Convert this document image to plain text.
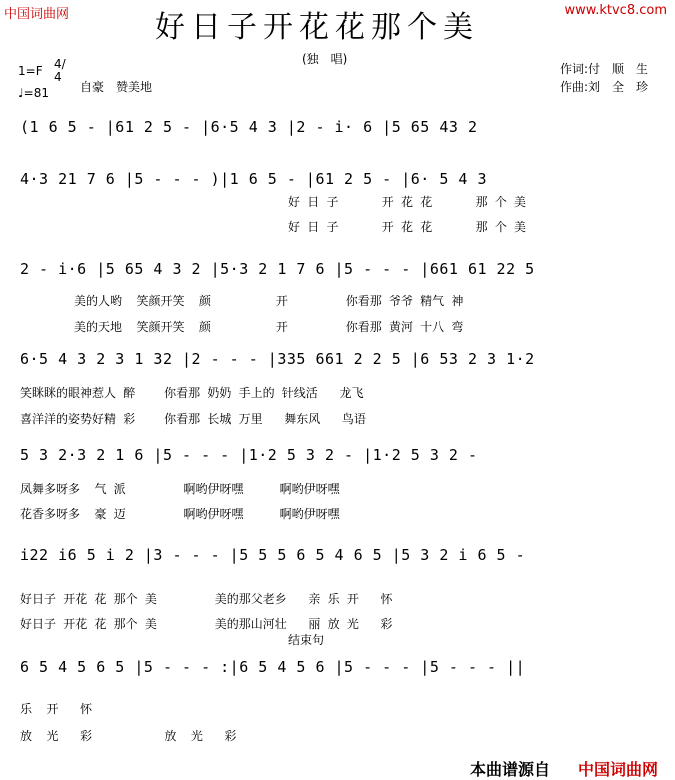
中国词曲网	www.ktvc8.com
好日子开花花那个美
(独　唱)
1=F 4/4
♩=81	自豪　赞美地
作词:付　顺　生
作曲:刘　全　珍
(1 6 5 - |61 2 5 - |6·5 4 3 |2 - i· 6 |5 65 43 2
4·3 21 7 6 |5 - - - )|1 6 5 - |61 2 5 - |6· 5 4 3

好 日 子      开 花 花      那 个 美

好 日 子      开 花 花      那 个 美

2 - i·6 |5 65 4 3 2 |5·3 2 1 7 6 |5 - - - |661 61 22 5

美的人哟  笑颜开笑  颜         开        你看那 爷爷 精气 神

美的天地  笑颜开笑  颜         开        你看那 黄河 十八 弯

6·5 4 3 2 3 1 32 |2 - - - |335 661 2 2 5 |6 53 2 3 1·2

笑眯眯的眼神惹人 醉    你看那 奶奶 手上的 针线活   龙飞

喜洋洋的姿势好精 彩    你看那 长城 万里   舞东风   鸟语

5 3 2·3 2 1 6 |5 - - - |1·2 5 3 2 - |1·2 5 3 2 -

凤舞多呀多  气 派        啊哟伊呀嘿     啊哟伊呀嘿

花香多呀多  豪 迈        啊哟伊呀嘿     啊哟伊呀嘿

i22 i6 5 i 2 |3 - - - |5 5 5 6 5 4 6 5 |5 3 2 i 6 5 -

好日子 开花 花 那个 美        美的那父老乡   亲 乐 开   怀

好日子 开花 花 那个 美        美的那山河壮   丽 放 光   彩

结束句
6 5 4 5 6 5 |5 - - - :|6 5 4 5 6 |5 - - - |5 - - - ||

乐  开   怀

放  光   彩          放  光   彩

本曲谱源自 中国词曲网
